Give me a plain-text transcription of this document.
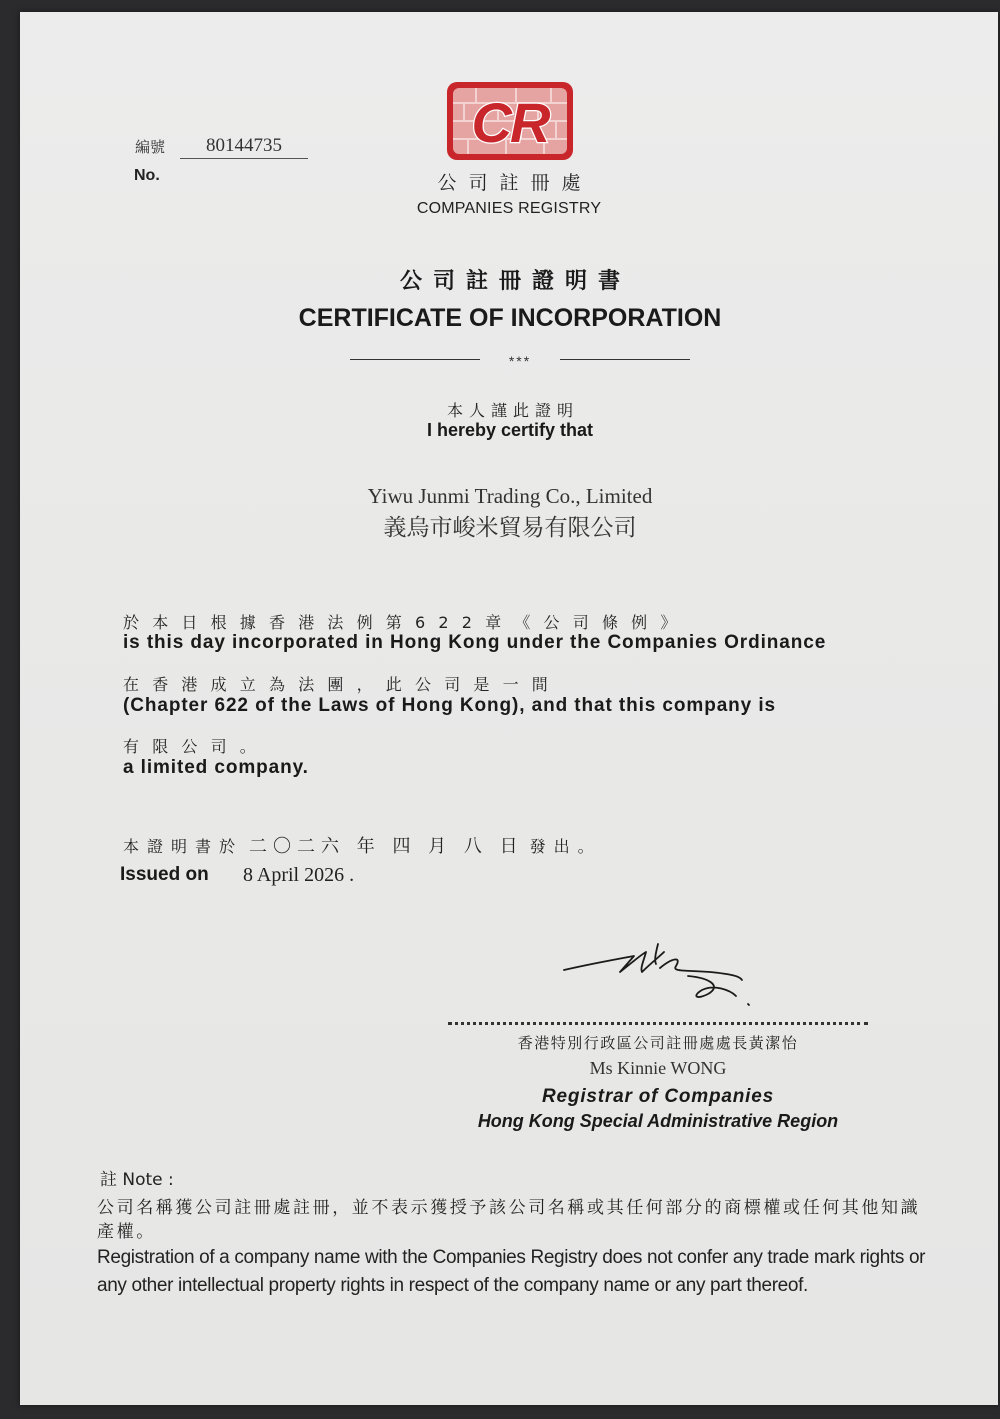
編號
No.
80144735	CR
公司註冊處
COMPANIES REGISTRY
公司註冊證明書
CERTIFICATE OF INCORPORATION
***
本人謹此證明
I hereby certify that
Yiwu Junmi Trading Co., Limited
義烏市峻米貿易有限公司
於本日根據香港法例第622章《公司條例》
is this day incorporated in Hong Kong under the Companies Ordinance
在香港成立為法團，此公司是一間
(Chapter 622 of the Laws of Hong Kong), and that this company is
有限公司。
a limited company.
本證明書於 二〇二六 年 四 月 八 日 發出。
Issued on 8 April 2026 .
香港特別行政區公司註冊處處長黃潔怡
Ms Kinnie WONG
Registrar of Companies
Hong Kong Special Administrative Region
註 Note :
公司名稱獲公司註冊處註冊，並不表示獲授予該公司名稱或其任何部分的商標權或任何其他知識產權。
Registration of a company name with the Companies Registry does not confer any trade mark rights or any other intellectual property rights in respect of the company name or any part thereof.
